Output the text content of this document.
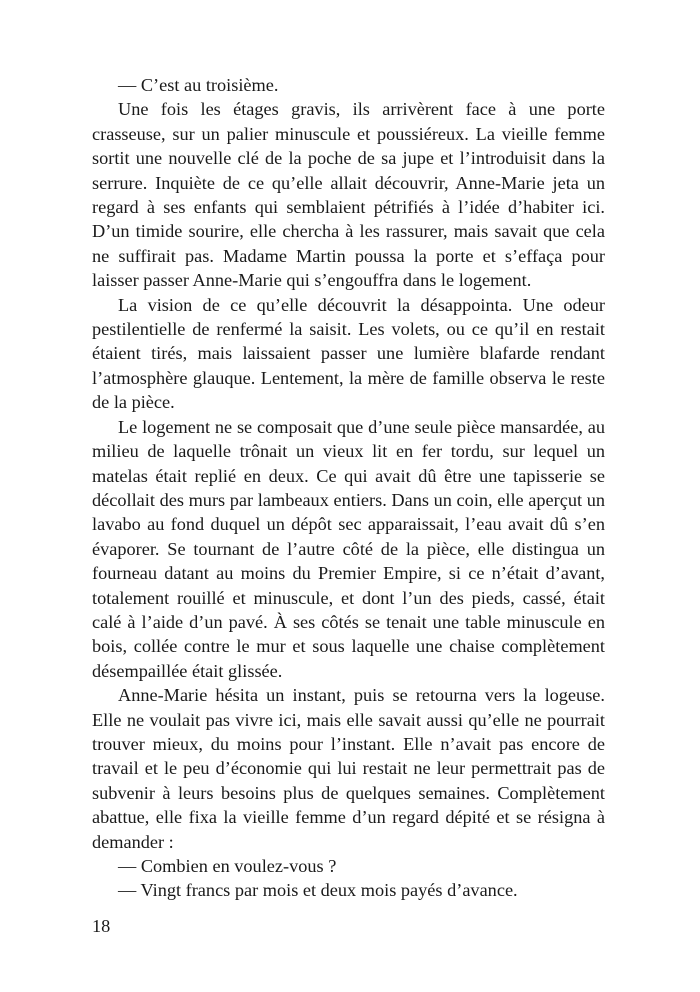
— C’est au troisième.

Une fois les étages gravis, ils arrivèrent face à une porte crasseuse, sur un palier minuscule et poussiéreux. La vieille femme sortit une nouvelle clé de la poche de sa jupe et l’introduisit dans la serrure. Inquiète de ce qu’elle allait découvrir, Anne-Marie jeta un regard à ses enfants qui semblaient pétrifiés à l’idée d’habiter ici. D’un timide sourire, elle chercha à les rassurer, mais savait que cela ne suffirait pas. Madame Martin poussa la porte et s’effaça pour laisser passer Anne-Marie qui s’engouffra dans le logement.

La vision de ce qu’elle découvrit la désappointa. Une odeur pestilentielle de renfermé la saisit. Les volets, ou ce qu’il en restait étaient tirés, mais laissaient passer une lumière blafarde rendant l’atmosphère glauque. Lentement, la mère de famille observa le reste de la pièce.

Le logement ne se composait que d’une seule pièce mansardée, au milieu de laquelle trônait un vieux lit en fer tordu, sur lequel un matelas était replié en deux. Ce qui avait dû être une tapisserie se décollait des murs par lambeaux entiers. Dans un coin, elle aperçut un lavabo au fond duquel un dépôt sec apparaissait, l’eau avait dû s’en évaporer. Se tournant de l’autre côté de la pièce, elle distingua un fourneau datant au moins du Premier Empire, si ce n’était d’avant, totalement rouillé et minuscule, et dont l’un des pieds, cassé, était calé à l’aide d’un pavé. À ses côtés se tenait une table minuscule en bois, collée contre le mur et sous laquelle une chaise complètement désempaillée était glissée.

Anne-Marie hésita un instant, puis se retourna vers la logeuse. Elle ne voulait pas vivre ici, mais elle savait aussi qu’elle ne pourrait trouver mieux, du moins pour l’instant. Elle n’avait pas encore de travail et le peu d’économie qui lui restait ne leur permettrait pas de subvenir à leurs besoins plus de quelques semaines. Complètement abattue, elle fixa la vieille femme d’un regard dépité et se résigna à demander :

— Combien en voulez-vous ?

— Vingt francs par mois et deux mois payés d’avance.

18
